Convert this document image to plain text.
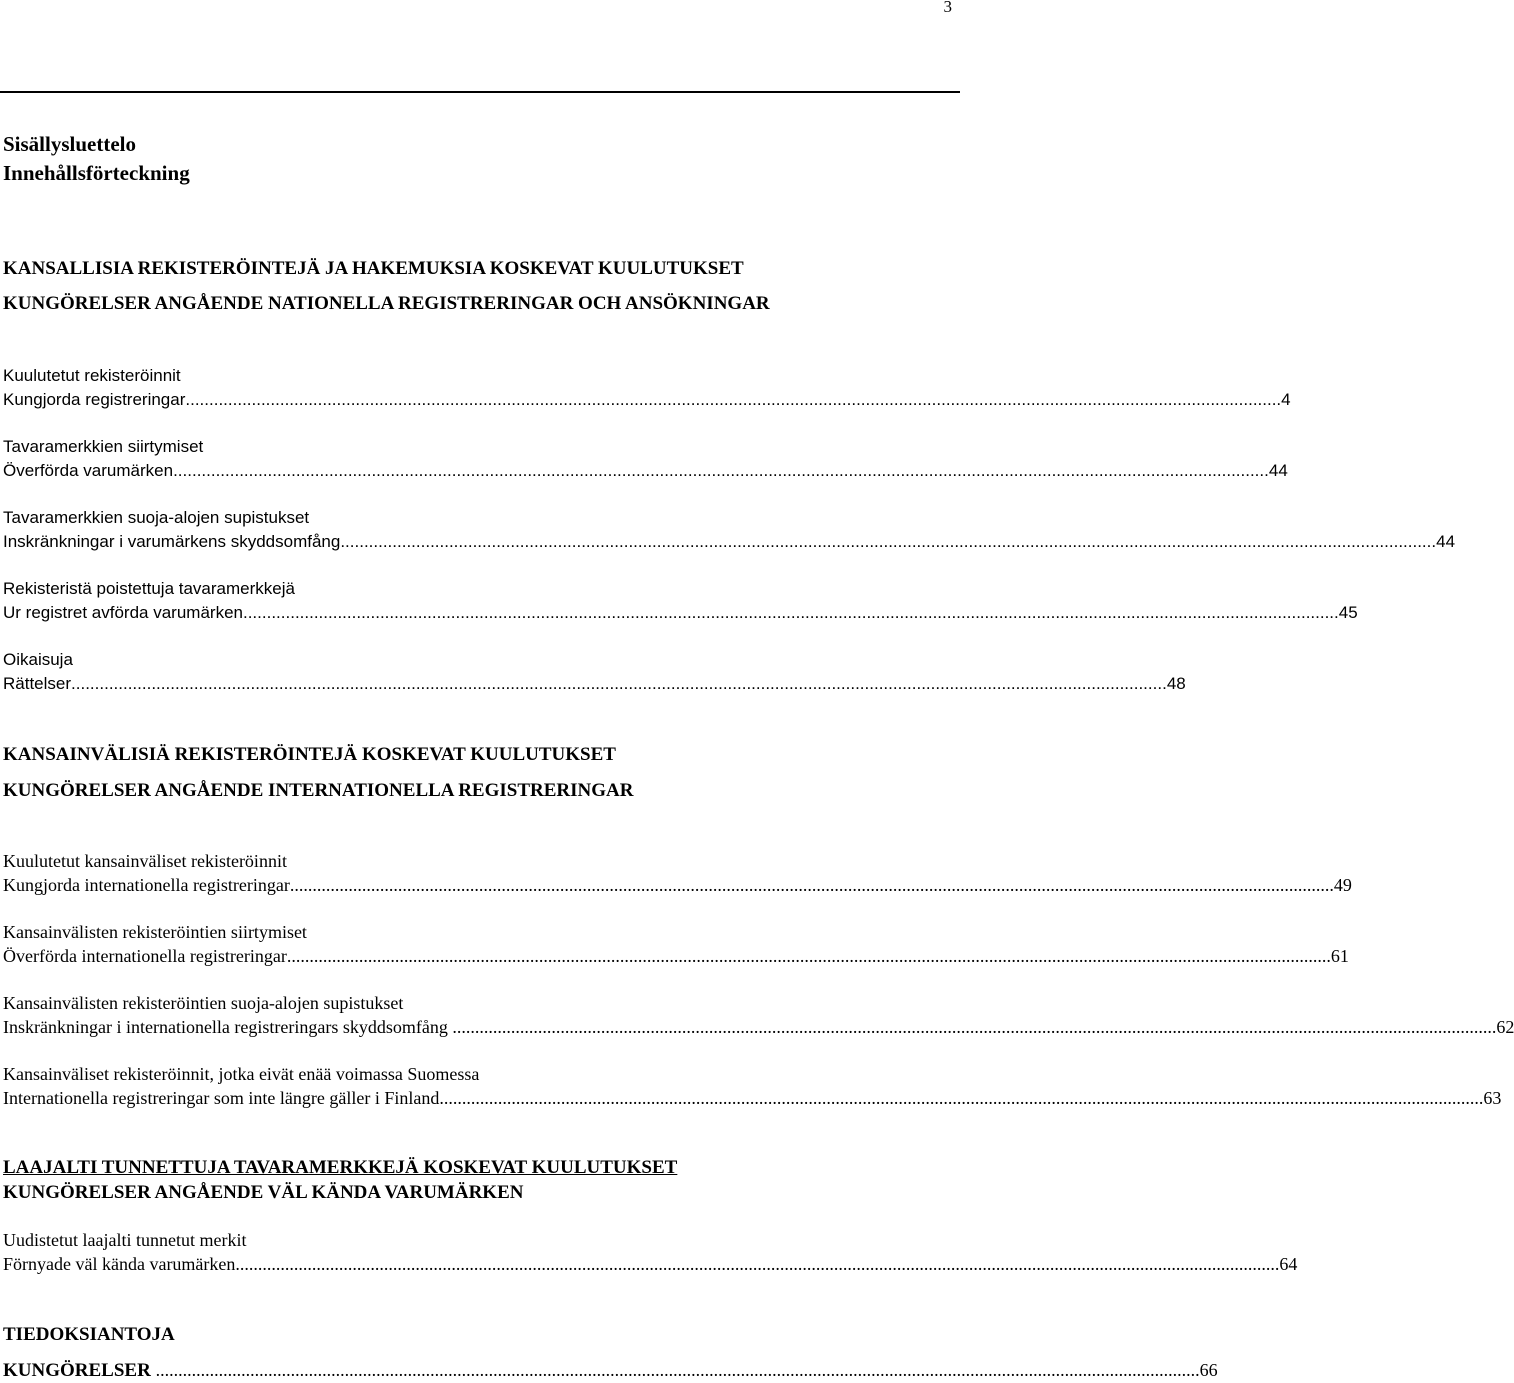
3
Sisällysluettelo
Innehållsförteckning
KANSALLISIA REKISTERÖINTEJÄ JA HAKEMUKSIA KOSKEVAT KUULUTUKSET
KUNGÖRELSER ANGÅENDE NATIONELLA REGISTRERINGAR OCH ANSÖKNINGAR
Kuulutetut rekisteröinnit
Kungjorda registreringar ........................................................................................................................................................................................................................................ 4
Tavaramerkkien siirtymiset
Överförda varumärken ........................................................................................................................................................................................................................................ 44
Tavaramerkkien suoja-alojen supistukset
Inskränkningar i varumärkens skyddsomfång ........................................................................................................................................................................................................................................ 44
Rekisteristä poistettuja tavaramerkkejä
Ur registret avförda varumärken ........................................................................................................................................................................................................................................ 45
Oikaisuja
Rättelser ........................................................................................................................................................................................................................................ 48
KANSAINVÄLISIÄ REKISTERÖINTEJÄ KOSKEVAT KUULUTUKSET
KUNGÖRELSER ANGÅENDE INTERNATIONELLA REGISTRERINGAR
Kuulutetut kansainväliset rekisteröinnit
Kungjorda internationella registreringar ........................................................................................................................................................................................................................................ 49
Kansainvälisten rekisteröintien siirtymiset
Överförda internationella registreringar ........................................................................................................................................................................................................................................ 61
Kansainvälisten rekisteröintien suoja-alojen supistukset
Inskränkningar i internationella registreringars skyddsomfång ........................................................................................................................................................................................................................................ 62
Kansainväliset rekisteröinnit, jotka eivät enää voimassa Suomessa
Internationella registreringar som inte längre gäller i Finland ........................................................................................................................................................................................................................................ 63
LAAJALTI TUNNETTUJA TAVARAMERKKEJÄ KOSKEVAT KUULUTUKSET
KUNGÖRELSER ANGÅENDE VÄL KÄNDA VARUMÄRKEN
Uudistetut laajalti tunnetut merkit
Förnyade väl kända varumärken ........................................................................................................................................................................................................................................ 64
TIEDOKSIANTOJA
KUNGÖRELSER ........................................................................................................................................................................................................................................ 66
